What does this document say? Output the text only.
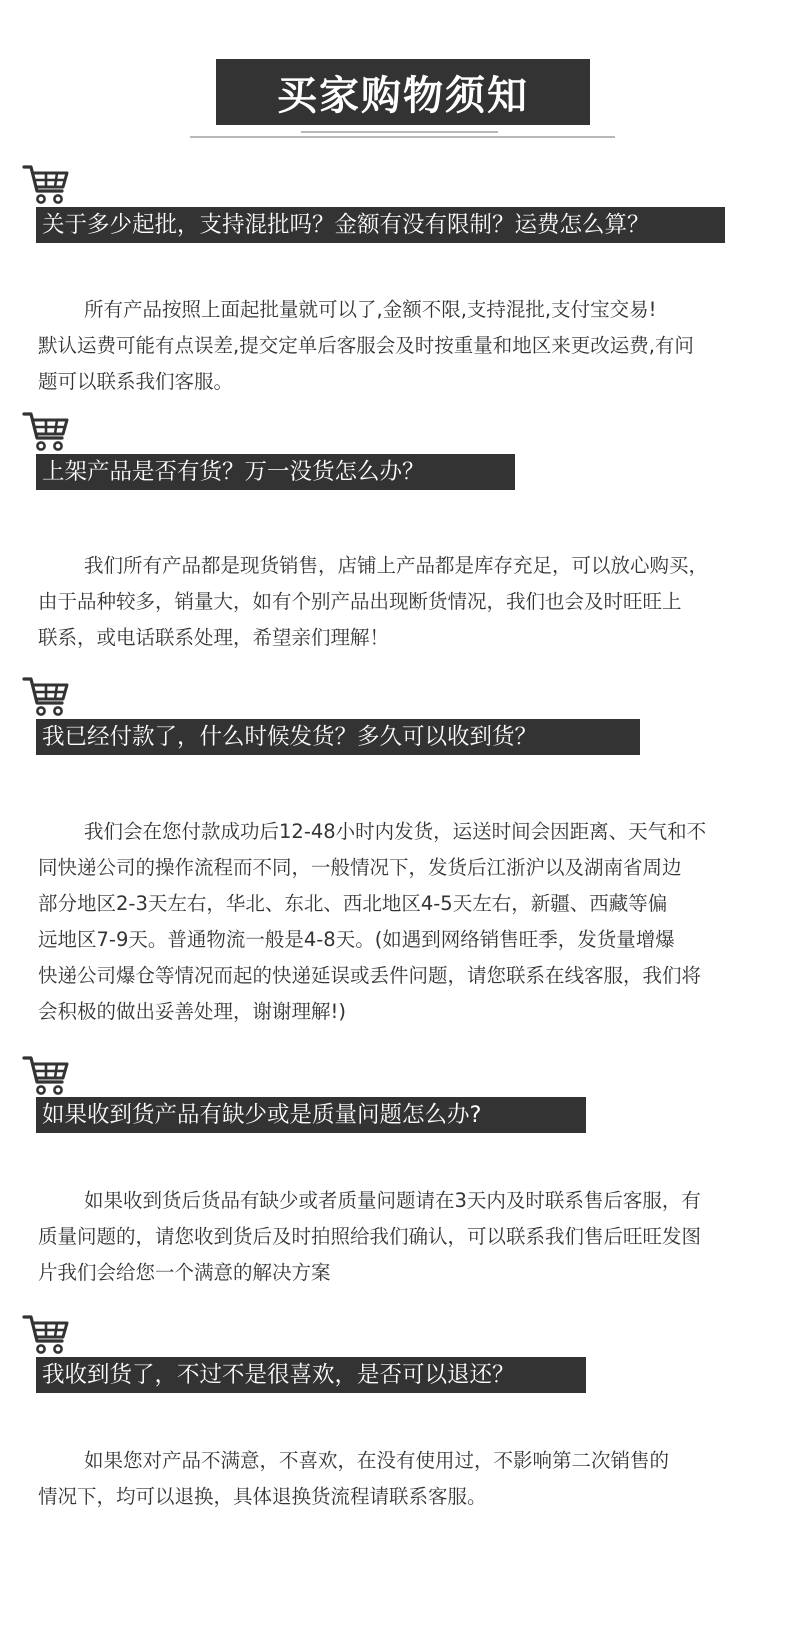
买家购物须知
关于多少起批，支持混批吗？金额有没有限制？运费怎么算？

所有产品按照上面起批量就可以了,金额不限,支持混批,支付宝交易!

默认运费可能有点误差,提交定单后客服会及时按重量和地区来更改运费,有问

题可以联系我们客服。

上架产品是否有货？万一没货怎么办？

我们所有产品都是现货销售，店铺上产品都是库存充足，可以放心购买，

由于品种较多，销量大，如有个别产品出现断货情况，我们也会及时旺旺上

联系，或电话联系处理，希望亲们理解！

我已经付款了，什么时候发货？多久可以收到货？

我们会在您付款成功后12-48小时内发货，运送时间会因距离、天气和不

同快递公司的操作流程而不同，一般情况下，发货后江浙沪以及湖南省周边

部分地区2-3天左右，华北、东北、西北地区4-5天左右，新疆、西藏等偏

远地区7-9天。普通物流一般是4-8天。(如遇到网络销售旺季，发货量增爆

快递公司爆仓等情况而起的快递延误或丢件问题，请您联系在线客服，我们将

会积极的做出妥善处理，谢谢理解!)

如果收到货产品有缺少或是质量问题怎么办?

如果收到货后货品有缺少或者质量问题请在3天内及时联系售后客服，有

质量问题的，请您收到货后及时拍照给我们确认，可以联系我们售后旺旺发图

片我们会给您一个满意的解决方案

我收到货了，不过不是很喜欢，是否可以退还？

如果您对产品不满意，不喜欢，在没有使用过，不影响第二次销售的

情况下，均可以退换，具体退换货流程请联系客服。
